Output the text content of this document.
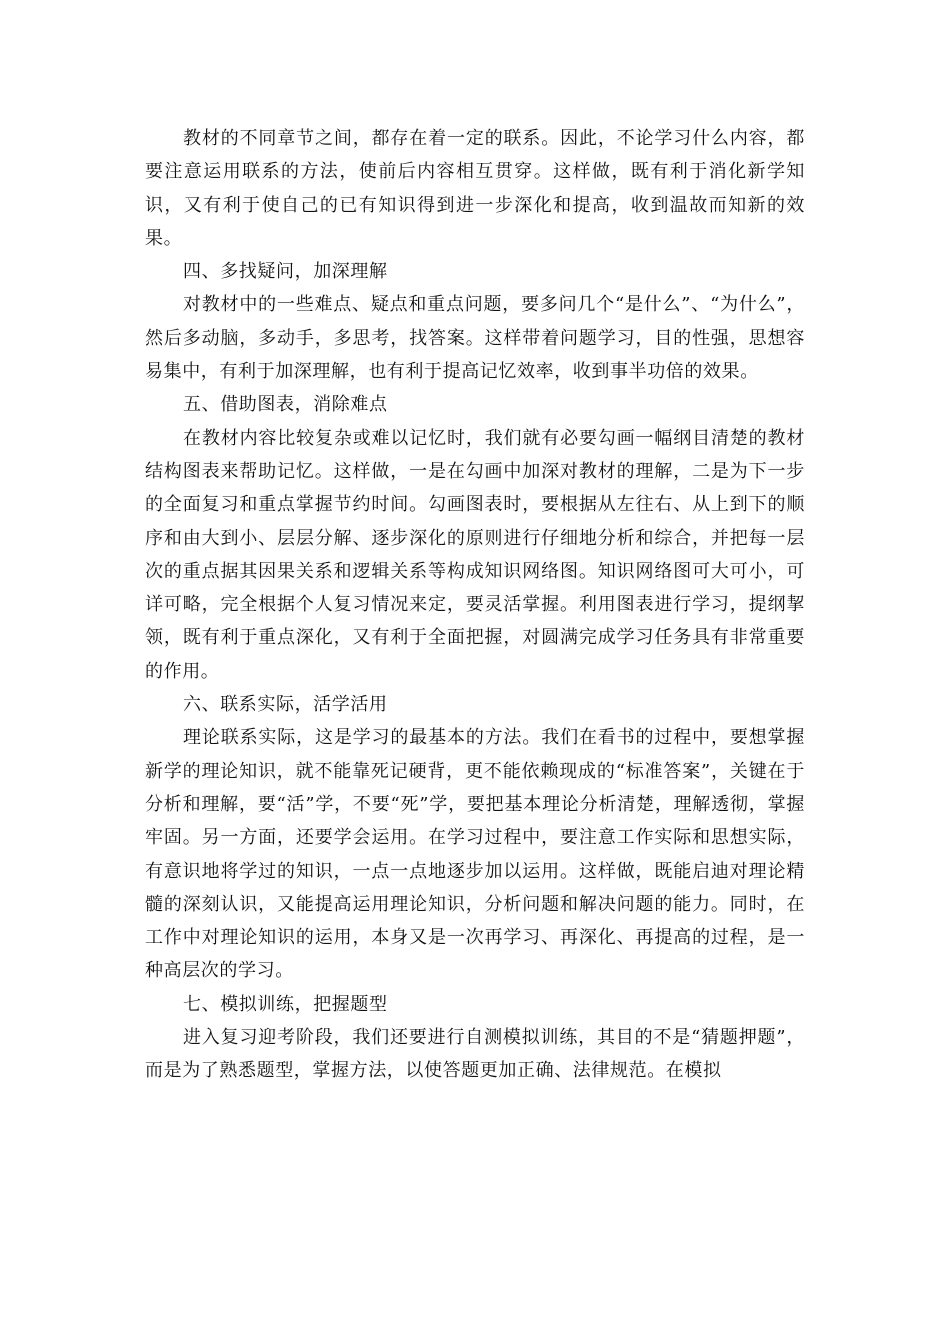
教材的不同章节之间，都存在着一定的联系。因此，不论学习什么内容，都要注意运用联系的方法，使前后内容相互贯穿。这样做，既有利于消化新学知识，又有利于使自己的已有知识得到进一步深化和提高，收到温故而知新的效果。

四、多找疑问，加深理解

对教材中的一些难点、疑点和重点问题，要多问几个“是什么”、“为什么”，然后多动脑，多动手，多思考，找答案。这样带着问题学习，目的性强，思想容易集中，有利于加深理解，也有利于提高记忆效率，收到事半功倍的效果。

五、借助图表，消除难点

在教材内容比较复杂或难以记忆时，我们就有必要勾画一幅纲目清楚的教材结构图表来帮助记忆。这样做，一是在勾画中加深对教材的理解，二是为下一步的全面复习和重点掌握节约时间。勾画图表时，要根据从左往右、从上到下的顺序和由大到小、层层分解、逐步深化的原则进行仔细地分析和综合，并把每一层次的重点据其因果关系和逻辑关系等构成知识网络图。知识网络图可大可小，可详可略，完全根据个人复习情况来定，要灵活掌握。利用图表进行学习，提纲挈领，既有利于重点深化，又有利于全面把握，对圆满完成学习任务具有非常重要的作用。

六、联系实际，活学活用

理论联系实际，这是学习的最基本的方法。我们在看书的过程中，要想掌握新学的理论知识，就不能靠死记硬背，更不能依赖现成的“标准答案”，关键在于分析和理解，要“活”学，不要“死”学，要把基本理论分析清楚，理解透彻，掌握牢固。另一方面，还要学会运用。在学习过程中，要注意工作实际和思想实际，有意识地将学过的知识，一点一点地逐步加以运用。这样做，既能启迪对理论精髓的深刻认识，又能提高运用理论知识，分析问题和解决问题的能力。同时，在工作中对理论知识的运用，本身又是一次再学习、再深化、再提高的过程，是一种高层次的学习。

七、模拟训练，把握题型

进入复习迎考阶段，我们还要进行自测模拟训练，其目的不是“猜题押题”，而是为了熟悉题型，掌握方法，以使答题更加正确、法律规范。在模拟
